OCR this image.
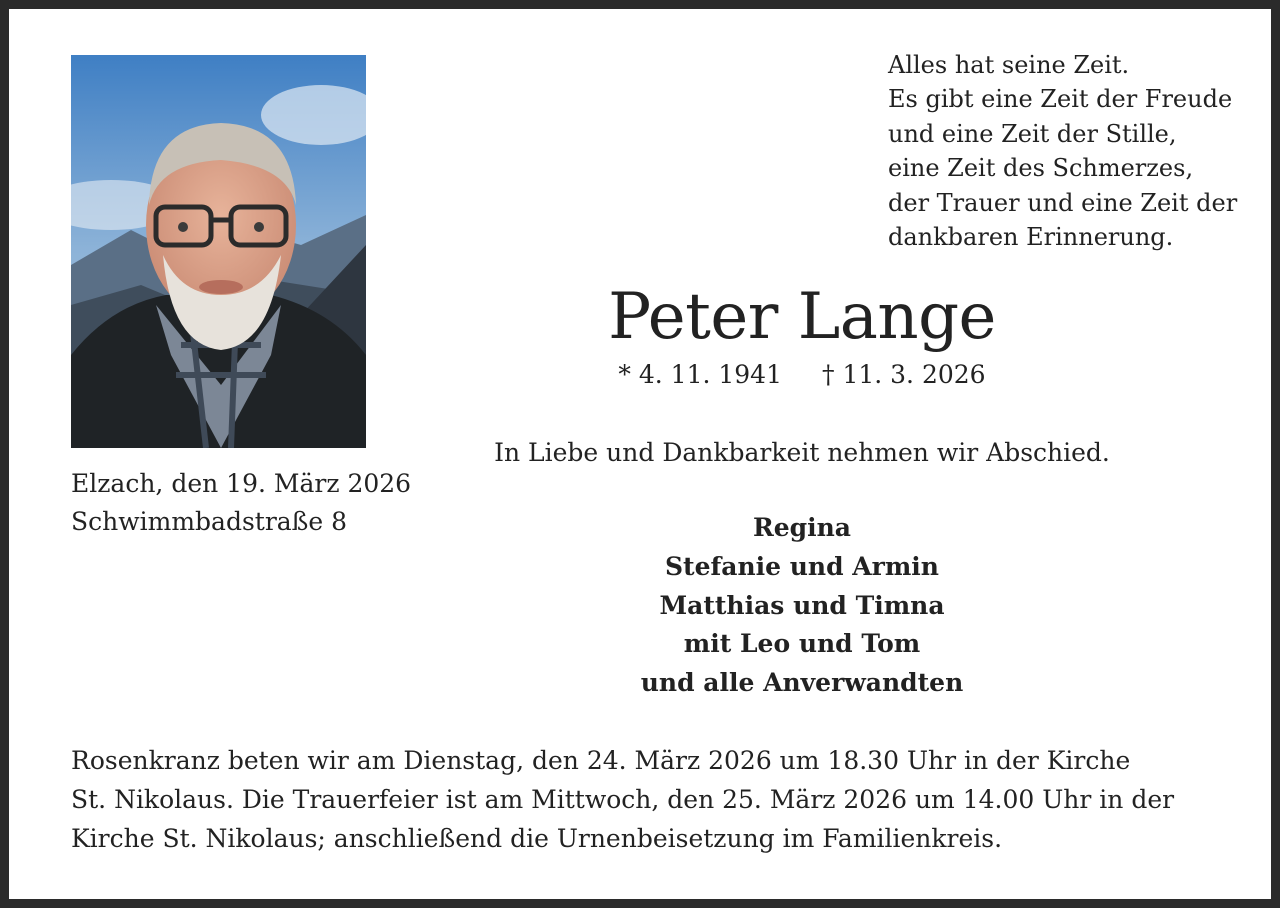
Elzach, den 19. März 2026
Schwimmbadstraße 8
Alles hat seine Zeit.
Es gibt eine Zeit der Freude
und eine Zeit der Stille,
eine Zeit des Schmerzes,
der Trauer und eine Zeit der
dankbaren Erinnerung.
Peter Lange
* 4. 11. 1941 † 11. 3. 2026
In Liebe und Dankbarkeit nehmen wir Abschied.
Regina
Stefanie und Armin
Matthias und Timna
mit Leo und Tom
und alle Anverwandten
Rosenkranz beten wir am Dienstag, den 24. März 2026 um 18.30 Uhr in der Kirche
St. Nikolaus. Die Trauerfeier ist am Mittwoch, den 25. März 2026 um 14.00 Uhr in der
Kirche St. Nikolaus; anschließend die Urnenbeisetzung im Familienkreis.
